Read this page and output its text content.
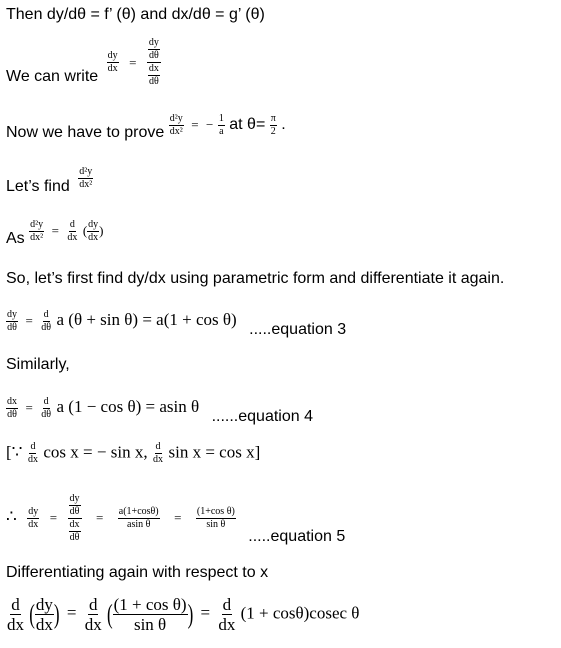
Then dy/dθ = f’ (θ) and dx/dθ = g’ (θ)
We can write
$\frac{dy}{dx} = \frac{\frac{dy}{d\theta}}{\frac{dx}{d\theta}}$
Now we have to prove $\frac{\text{d²y}}{\text{dx²}}$ = − $\frac{1}{a}$ at $\theta= \frac{\pi}{2}$ .
Let’s find $\frac{\text{d²y}}{\text{dx²}}$
As $\frac{\text{d²y}}{\text{dx²}} = \frac{d}{dx}$ ( $\frac{dy}{dx}$ )
So, let’s first find dy/dx using parametric form and differentiate it again.
$\frac{dy}{d\theta} = \frac{d}{d\theta}$ a (θ + sin θ) = a(1 + cos θ) .....equation 3
Similarly,
$\frac{dx}{d\theta} = \frac{d}{d\theta}$ a (1 − cos θ) = asin θ ......equation 4
[∵ $\frac{d}{dx}$ cos x = − sin x, $\frac{d}{dx}$ sin x = cos x]
∴ $\frac{dy}{dx} = \frac{\frac{dy}{d\theta}}{\frac{dx}{d\theta}} = \frac{a(1+\cos\theta)}{\text{asin θ}} = \frac{\text{(1+cos θ)}}{\text{sin θ}}$
.....equation 5
Differentiating again with respect to x
$\frac{d}{dx}$ ( $\frac{dy}{dx}$ ) = $\frac{d}{dx}$ ( $\frac{\text{(1 + cos θ)}}{\text{sin θ}}$ ) = $\frac{d}{dx} (1 + \cos\theta)cosec$ θ
